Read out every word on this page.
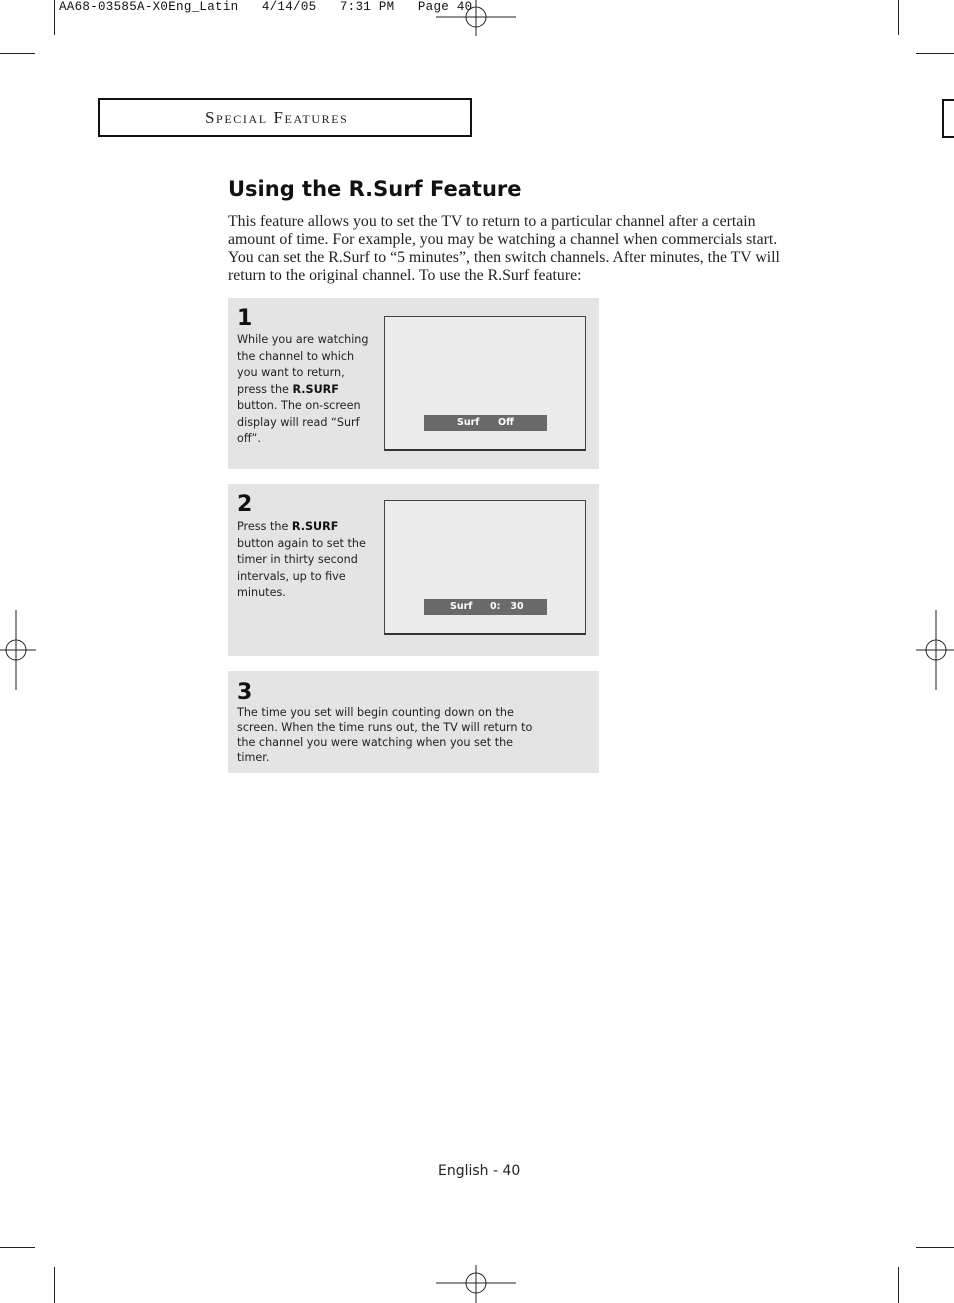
AA68-03585A-X0Eng_Latin   4/14/05   7:31 PM   Page 40
Special Features
Using the R.Surf Feature
This feature allows you to set the TV to return to a particular channel after a certain amount of time. For example, you may be watching a channel when commercials start. You can set the R.Surf to “5 minutes”, then switch channels. After minutes, the TV will return to the original channel. To use the R.Surf feature:
1
While you are watching the channel to which you want to return, press the R.SURF button. The on-screen display will read “Surf off”.
Surf Off
2
Press the R.SURF button again to set the timer in thirty second intervals, up to five minutes.
Surf 0:   30
3
The time you set will begin counting down on the screen. When the time runs out, the TV will return to the channel you were watching when you set the timer.
English - 40
